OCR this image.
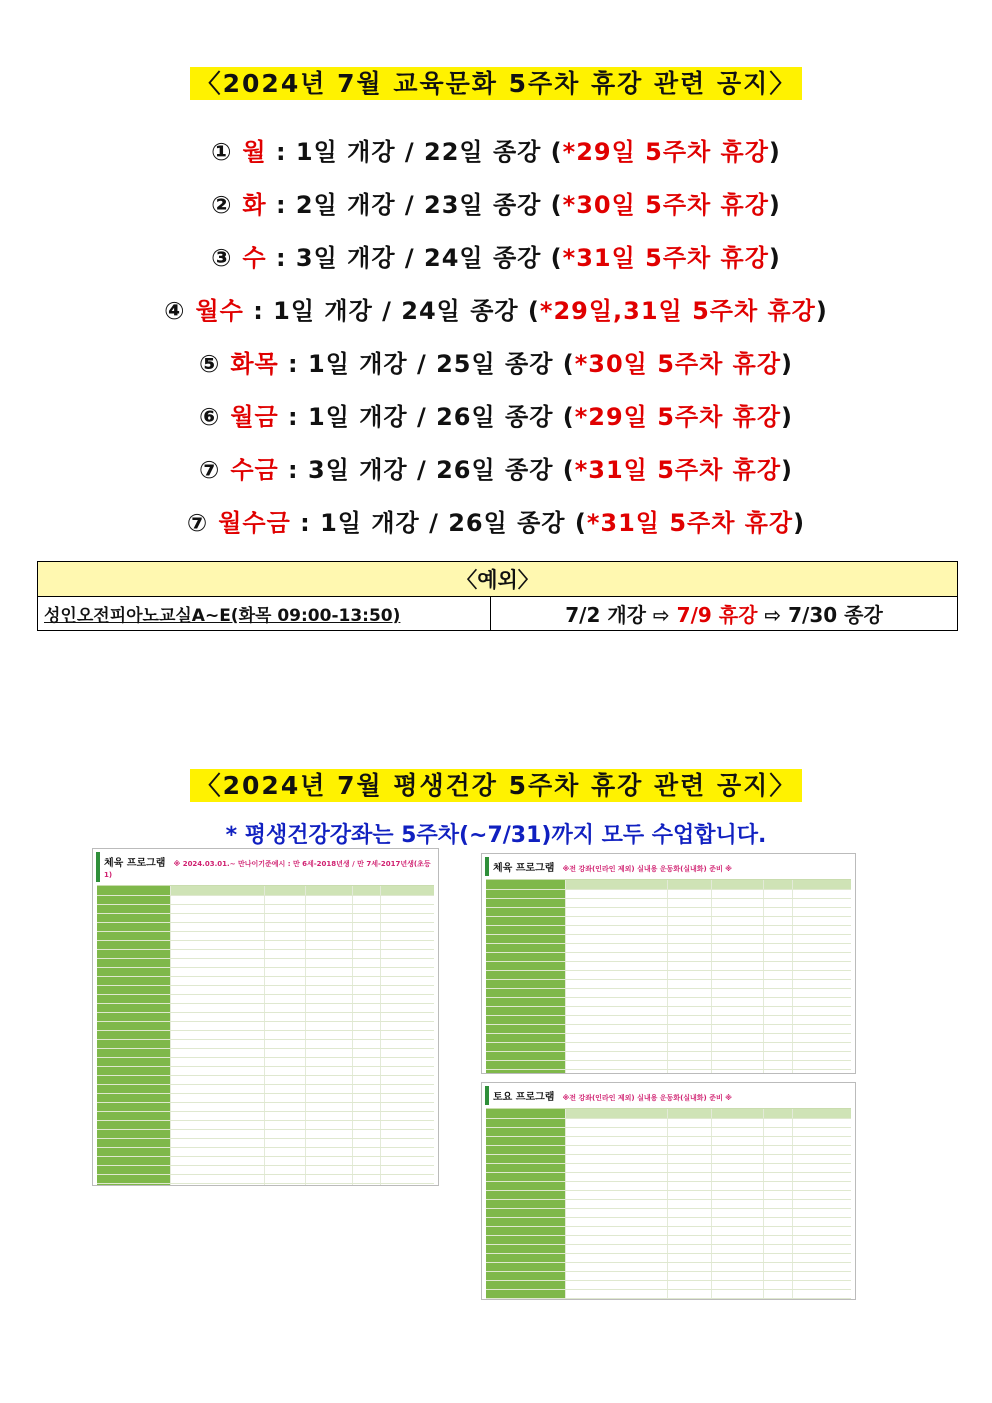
〈2024년 7월 교육문화 5주차 휴강 관련 공지〉
① 월 : 1일 개강 / 22일 종강 (*29일 5주차 휴강)
② 화 : 2일 개강 / 23일 종강 (*30일 5주차 휴강)
③ 수 : 3일 개강 / 24일 종강 (*31일 5주차 휴강)
④ 월수 : 1일 개강 / 24일 종강 (*29일,31일 5주차 휴강)
⑤ 화목 : 1일 개강 / 25일 종강 (*30일 5주차 휴강)
⑥ 월금 : 1일 개강 / 26일 종강 (*29일 5주차 휴강)
⑦ 수금 : 3일 개강 / 26일 종강 (*31일 5주차 휴강)
⑦ 월수금 : 1일 개강 / 26일 종강 (*31일 5주차 휴강)
〈예외〉
성인오전피아노교실A~E(화목 09:00-13:50)	7/2 개강 ⇨ 7/9 휴강 ⇨ 7/30 종강
〈2024년 7월 평생건강 5주차 휴강 관련 공지〉
* 평생건강강좌는 5주차(~7/31)까지 모두 수업합니다.
체육 프로그램 ※ 2024.03.01.~ 만나이기준예시 : 만 6세-2018년생 / 만 7세-2017년생(초등1)
체육 프로그램 ※전 강좌(인라인 제외) 실내용 운동화(실내화) 준비 ※
토요 프로그램 ※전 강좌(인라인 제외) 실내용 운동화(실내화) 준비 ※
